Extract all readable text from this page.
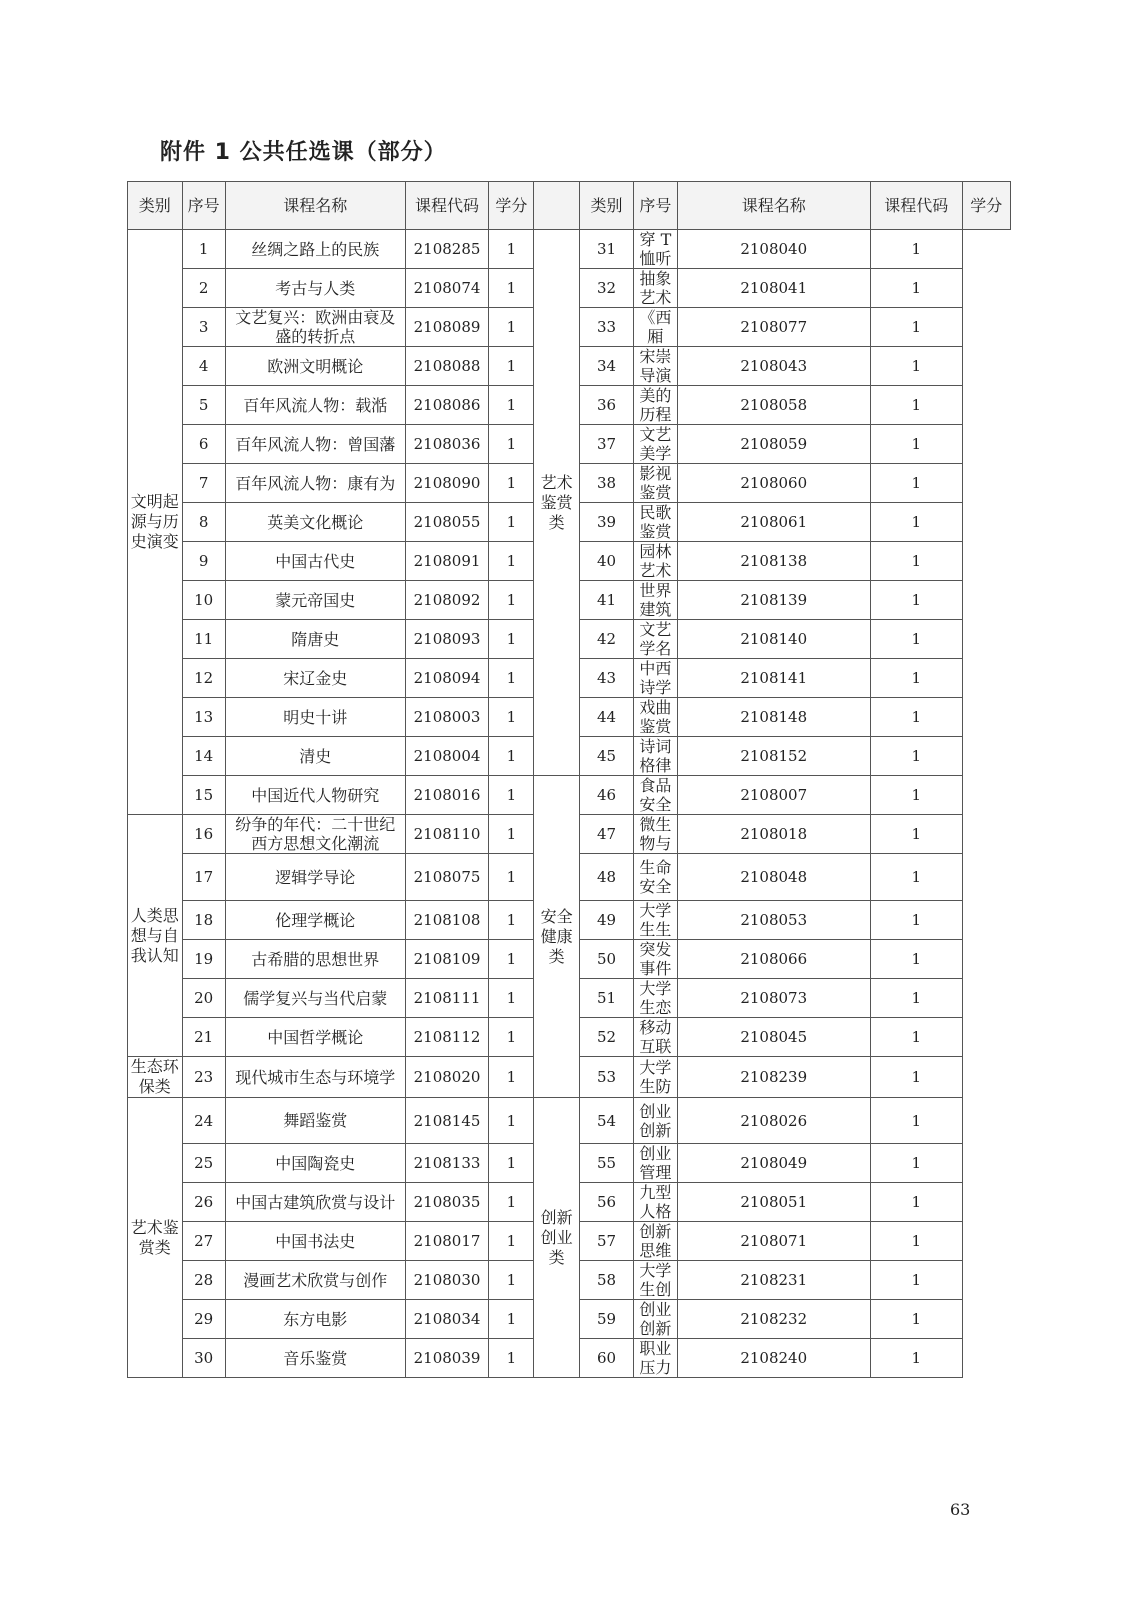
附件 1 公共任选课（部分）
类别	序号	课程名称	课程代码	学分		类别	序号	课程名称	课程代码	学分
文明起源与历史演变	1	丝绸之路上的民族	2108285	1	艺术鉴赏类	31	穿 T 恤听	2108040	1	
	2	考古与人类	2108074	1		32	抽象艺术	2108041	1	
	3	文艺复兴：欧洲由衰及盛的转折点	2108089	1		33	《西厢	2108077	1	
	4	欧洲文明概论	2108088	1		34	宋崇导演	2108043	1	
	5	百年风流人物：载湉	2108086	1		36	美的历程	2108058	1	
	6	百年风流人物：曾国藩	2108036	1		37	文艺美学	2108059	1	
	7	百年风流人物：康有为	2108090	1		38	影视鉴赏	2108060	1	
	8	英美文化概论	2108055	1		39	民歌鉴赏	2108061	1	
	9	中国古代史	2108091	1		40	园林艺术	2108138	1	
	10	蒙元帝国史	2108092	1		41	世界建筑	2108139	1	
	11	隋唐史	2108093	1		42	文艺学名	2108140	1	
	12	宋辽金史	2108094	1		43	中西诗学	2108141	1	
	13	明史十讲	2108003	1		44	戏曲鉴赏	2108148	1	
	14	清史	2108004	1		45	诗词格律	2108152	1	
	15	中国近代人物研究	2108016	1	安全健康类	46	食品安全	2108007	1	
人类思想与自我认知	16	纷争的年代：二十世纪西方思想文化潮流	2108110	1		47	微生物与	2108018	1	
	17	逻辑学导论	2108075	1		48	生命安全	2108048	1	
	18	伦理学概论	2108108	1		49	大学生生	2108053	1	
	19	古希腊的思想世界	2108109	1		50	突发事件	2108066	1	
	20	儒学复兴与当代启蒙	2108111	1		51	大学生恋	2108073	1	
	21	中国哲学概论	2108112	1		52	移动互联	2108045	1	
生态环保类	23	现代城市生态与环境学	2108020	1		53	大学生防	2108239	1	
艺术鉴赏类	24	舞蹈鉴赏	2108145	1	创新创业类	54	创业创新	2108026	1	
	25	中国陶瓷史	2108133	1		55	创业管理	2108049	1	
	26	中国古建筑欣赏与设计	2108035	1		56	九型人格	2108051	1	
	27	中国书法史	2108017	1		57	创新思维	2108071	1	
	28	漫画艺术欣赏与创作	2108030	1		58	大学生创	2108231	1	
	29	东方电影	2108034	1		59	创业创新	2108232	1	
	30	音乐鉴赏	2108039	1		60	职业压力	2108240	1	
63
